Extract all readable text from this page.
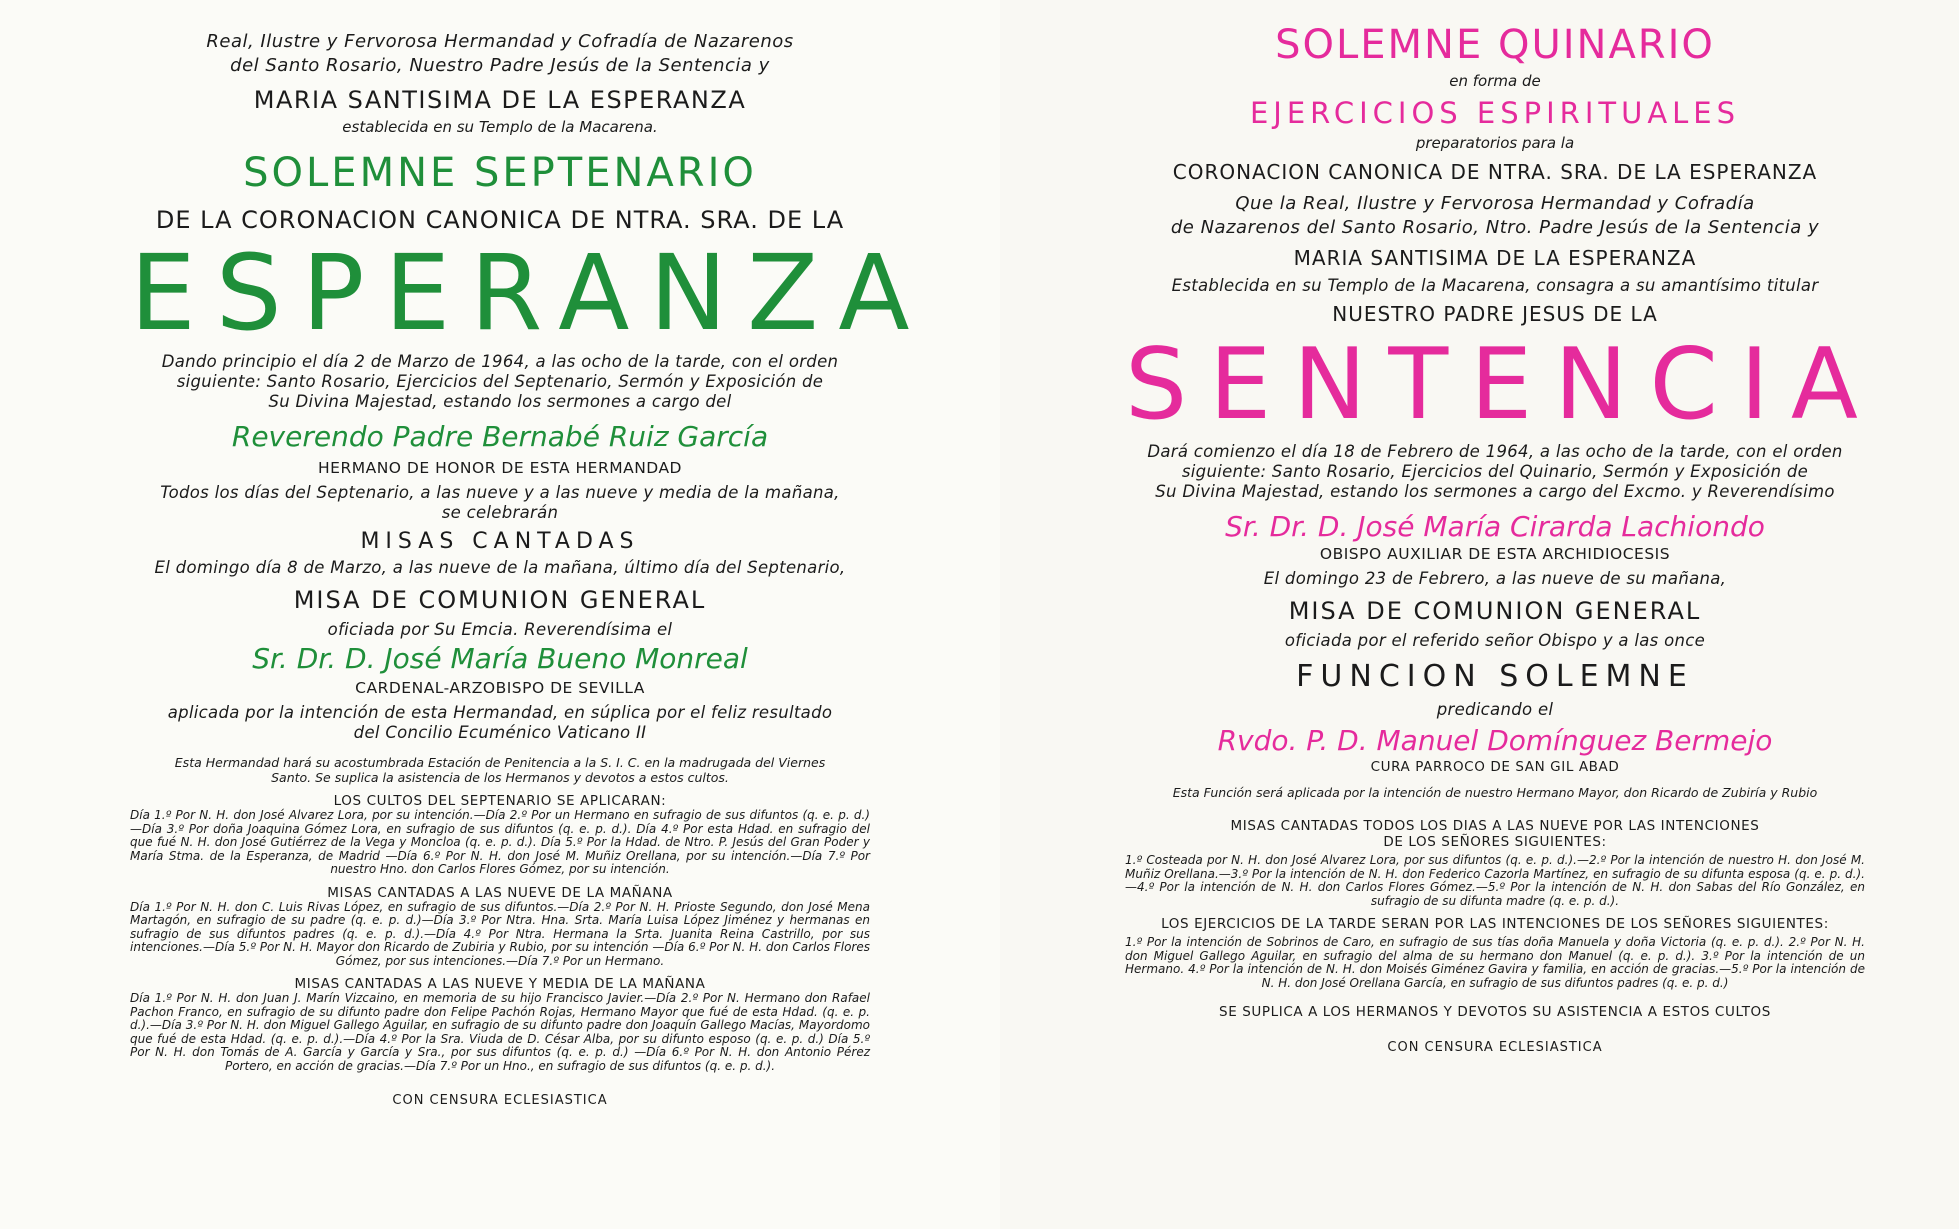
Real, Ilustre y Fervorosa Hermandad y Cofradía de Nazarenos

del Santo Rosario, Nuestro Padre Jesús de la Sentencia y

MARIA SANTISIMA DE LA ESPERANZA

establecida en su Templo de la Macarena.

SOLEMNE SEPTENARIO

DE LA CORONACION CANONICA DE NTRA. SRA. DE LA

ESPERANZA

Dando principio el día 2 de Marzo de 1964, a las ocho de la tarde, con el orden

siguiente: Santo Rosario, Ejercicios del Septenario, Sermón y Exposición de

Su Divina Majestad, estando los sermones a cargo del

Reverendo Padre Bernabé Ruiz García

HERMANO DE HONOR DE ESTA HERMANDAD

Todos los días del Septenario, a las nueve y a las nueve y media de la mañana,

se celebrarán

MISAS CANTADAS

El domingo día 8 de Marzo, a las nueve de la mañana, último día del Septenario,

MISA DE COMUNION GENERAL

oficiada por Su Emcia. Reverendísima el

Sr. Dr. D. José María Bueno Monreal

CARDENAL-ARZOBISPO DE SEVILLA

aplicada por la intención de esta Hermandad, en súplica por el feliz resultado

del Concilio Ecuménico Vaticano II

Esta Hermandad hará su acostumbrada Estación de Penitencia a la S. I. C. en la madrugada del Viernes

Santo. Se suplica la asistencia de los Hermanos y devotos a estos cultos.

LOS CULTOS DEL SEPTENARIO SE APLICARAN:

Día 1.º Por N. H. don José Alvarez Lora, por su intención.—Día 2.º Por un Hermano en sufragio de sus difuntos (q. e. p. d.)—Día 3.º Por doña Joaquina Gómez Lora, en sufragio de sus difuntos (q. e. p. d.). Día 4.º Por esta Hdad. en sufragio del que fué N. H. don José Gutiérrez de la Vega y Moncloa (q. e. p. d.). Día 5.º Por la Hdad. de Ntro. P. Jesús del Gran Poder y María Stma. de la Esperanza, de Madrid —Día 6.º Por N. H. don José M. Muñiz Orellana, por su intención.—Día 7.º Por nuestro Hno. don Carlos Flores Gómez, por su intención.

MISAS CANTADAS A LAS NUEVE DE LA MAÑANA

Día 1.º Por N. H. don C. Luis Rivas López, en sufragio de sus difuntos.—Día 2.º Por N. H. Prioste Segundo, don José Mena Martagón, en sufragio de su padre (q. e. p. d.)—Día 3.º Por Ntra. Hna. Srta. María Luisa López Jiménez y hermanas en sufragio de sus difuntos padres (q. e. p. d.).—Día 4.º Por Ntra. Hermana la Srta. Juanita Reina Castrillo, por sus intenciones.—Día 5.º Por N. H. Mayor don Ricardo de Zubiria y Rubio, por su intención —Día 6.º Por N. H. don Carlos Flores Gómez, por sus intenciones.—Día 7.º Por un Hermano.

MISAS CANTADAS A LAS NUEVE Y MEDIA DE LA MAÑANA

Día 1.º Por N. H. don Juan J. Marín Vizcaino, en memoria de su hijo Francisco Javier.—Día 2.º Por N. Hermano don Rafael Pachon Franco, en sufragio de su difunto padre don Felipe Pachón Rojas, Hermano Mayor que fué de esta Hdad. (q. e. p. d.).—Día 3.º Por N. H. don Miguel Gallego Aguilar, en sufragio de su difunto padre don Joaquín Gallego Macías, Mayordomo que fué de esta Hdad. (q. e. p. d.).—Día 4.º Por la Sra. Viuda de D. César Alba, por su difunto esposo (q. e. p. d.) Día 5.º Por N. H. don Tomás de A. García y García y Sra., por sus difuntos (q. e. p. d.) —Día 6.º Por N. H. don Antonio Pérez Portero, en acción de gracias.—Día 7.º Por un Hno., en sufragio de sus difuntos (q. e. p. d.).

CON CENSURA ECLESIASTICA

SOLEMNE QUINARIO

en forma de

EJERCICIOS ESPIRITUALES

preparatorios para la

CORONACION CANONICA DE NTRA. SRA. DE LA ESPERANZA

Que la Real, Ilustre y Fervorosa Hermandad y Cofradía

de Nazarenos del Santo Rosario, Ntro. Padre Jesús de la Sentencia y

MARIA SANTISIMA DE LA ESPERANZA

Establecida en su Templo de la Macarena, consagra a su amantísimo titular

NUESTRO PADRE JESUS DE LA

SENTENCIA

Dará comienzo el día 18 de Febrero de 1964, a las ocho de la tarde, con el orden

siguiente: Santo Rosario, Ejercicios del Quinario, Sermón y Exposición de

Su Divina Majestad, estando los sermones a cargo del Excmo. y Reverendísimo

Sr. Dr. D. José María Cirarda Lachiondo

OBISPO AUXILIAR DE ESTA ARCHIDIOCESIS

El domingo 23 de Febrero, a las nueve de su mañana,

MISA DE COMUNION GENERAL

oficiada por el referido señor Obispo y a las once

FUNCION SOLEMNE

predicando el

Rvdo. P. D. Manuel Domínguez Bermejo

CURA PARROCO DE SAN GIL ABAD

Esta Función será aplicada por la intención de nuestro Hermano Mayor, don Ricardo de Zubiría y Rubio

MISAS CANTADAS TODOS LOS DIAS A LAS NUEVE POR LAS INTENCIONES

DE LOS SEÑORES SIGUIENTES:

1.º Costeada por N. H. don José Alvarez Lora, por sus difuntos (q. e. p. d.).—2.º Por la intención de nuestro H. don José M. Muñiz Orellana.—3.º Por la intención de N. H. don Federico Cazorla Martínez, en sufragio de su difunta esposa (q. e. p. d.).—4.º Por la intención de N. H. don Carlos Flores Gómez.—5.º Por la intención de N. H. don Sabas del Río González, en sufragio de su difunta madre (q. e. p. d.).

LOS EJERCICIOS DE LA TARDE SERAN POR LAS INTENCIONES DE LOS SEÑORES SIGUIENTES:

1.º Por la intención de Sobrinos de Caro, en sufragio de sus tías doña Manuela y doña Victoria (q. e. p. d.). 2.º Por N. H. don Miguel Gallego Aguilar, en sufragio del alma de su hermano don Manuel (q. e. p. d.). 3.º Por la intención de un Hermano. 4.º Por la intención de N. H. don Moisés Giménez Gavira y familia, en acción de gracias.—5.º Por la intención de N. H. don José Orellana García, en sufragio de sus difuntos padres (q. e. p. d.)

SE SUPLICA A LOS HERMANOS Y DEVOTOS SU ASISTENCIA A ESTOS CULTOS

CON CENSURA ECLESIASTICA
